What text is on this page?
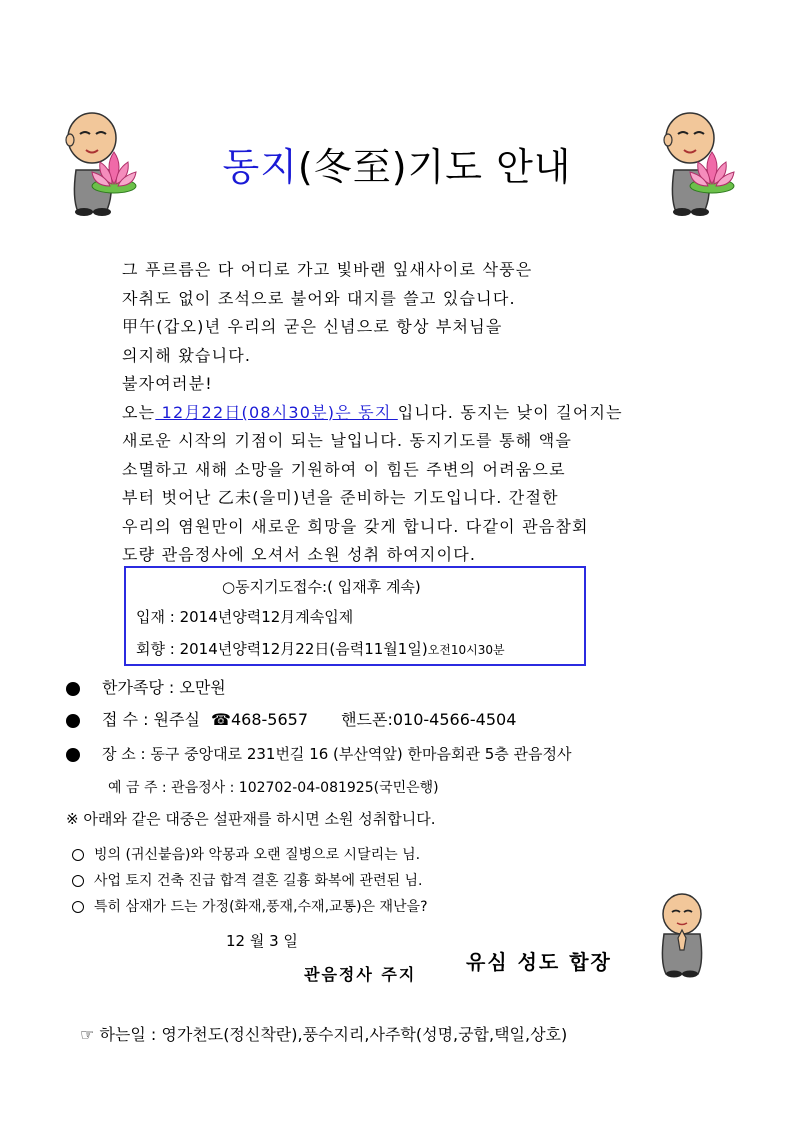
동지(冬至)기도 안내
그 푸르름은 다 어디로 가고 빛바랜 잎새사이로 삭풍은
자취도 없이 조석으로 불어와 대지를 쓸고 있습니다.
甲午(갑오)년 우리의 굳은 신념으로 항상 부처님을
의지해 왔습니다.
불자여러분!
오는 12月22日(08시30분)은 동지 입니다. 동지는 낮이 길어지는
새로운 시작의 기점이 되는 날입니다. 동지기도를 통해 액을
소멸하고 새해 소망을 기원하여 이 힘든 주변의 어려움으로
부터 벗어난 乙未(을미)년을 준비하는 기도입니다. 간절한
우리의 염원만이 새로운 희망을 갖게 합니다. 다같이 관음참회
도량 관음정사에 오셔서 소원 성취 하여지이다.
○동지기도접수:( 입재후 계속)
입재 : 2014년양력12月계속입제
회향 : 2014년양력12月22日(음력11월1일)오전10시30분
한가족당 : 오만원
접 수 : 원주실 ☎468-5657 핸드폰:010-4566-4504
장 소 : 동구 중앙대로 231번길 16 (부산역앞) 한마음회관 5층 관음정사
예 금 주 : 관음정사 : 102702-04-081925(국민은행)
※ 아래와 같은 대중은 설판재를 하시면 소원 성취합니다.
빙의 (귀신붙음)와 악몽과 오랜 질병으로 시달리는 님.
사업 토지 건축 진급 합격 결혼 길흉 화복에 관련된 님.
특히 삼재가 드는 가정(화재,풍재,수재,교통)은 재난을?
12 월 3 일
유심 성도 합장
관음정사 주지
☞ 하는일 : 영가천도(정신착란),풍수지리,사주학(성명,궁합,택일,상호)
